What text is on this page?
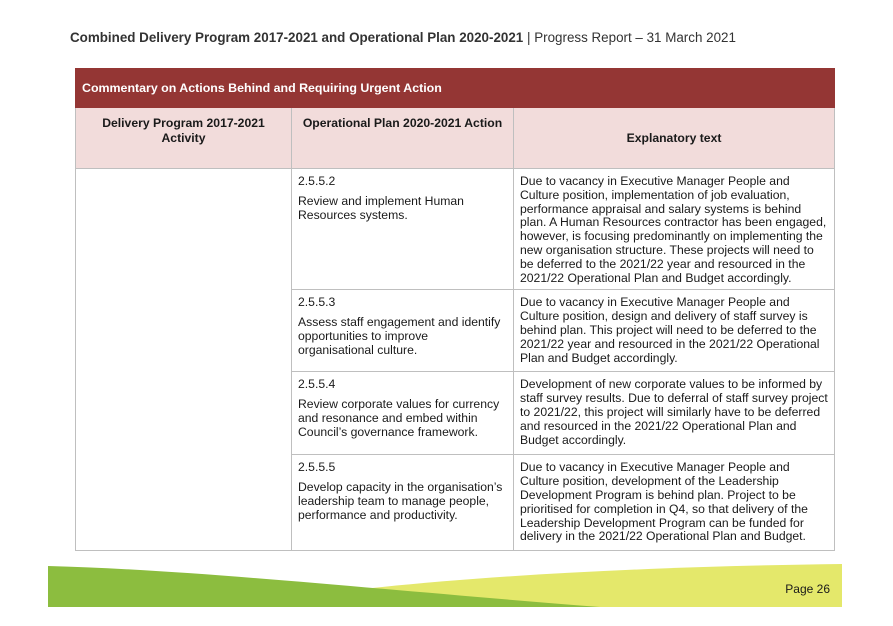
Combined Delivery Program 2017-2021 and Operational Plan 2020-2021 | Progress Report – 31 March 2021
Commentary on Actions Behind and Requiring Urgent Action		
Delivery Program 2017-2021 Activity	Operational Plan 2020-2021 Action	Explanatory text

	2.5.5.2
Review and implement Human Resources systems.	Due to vacancy in Executive Manager People and Culture position, implementation of job evaluation, performance appraisal and salary systems is behind plan. A Human Resources contractor has been engaged, however, is focusing predominantly on implementing the new organisation structure. These projects will need to be deferred to the 2021/22 year and resourced in the 2021/22 Operational Plan and Budget accordingly.

	2.5.5.3
Assess staff engagement and identify opportunities to improve organisational culture.	Due to vacancy in Executive Manager People and Culture position, design and delivery of staff survey is behind plan. This project will need to be deferred to the 2021/22 year and resourced in the 2021/22 Operational Plan and Budget accordingly.

	2.5.5.4
Review corporate values for currency and resonance and embed within Council’s governance framework.	Development of new corporate values to be informed by staff survey results. Due to deferral of staff survey project to 2021/22, this project will similarly have to be deferred and resourced in the 2021/22 Operational Plan and Budget accordingly.

	2.5.5.5
Develop capacity in the organisation’s leadership team to manage people, performance and productivity.	Due to vacancy in Executive Manager People and Culture position, development of the Leadership Development Program is behind plan. Project to be prioritised for completion in Q4, so that delivery of the Leadership Development Program can be funded for delivery in the 2021/22 Operational Plan and Budget.
Page 26
